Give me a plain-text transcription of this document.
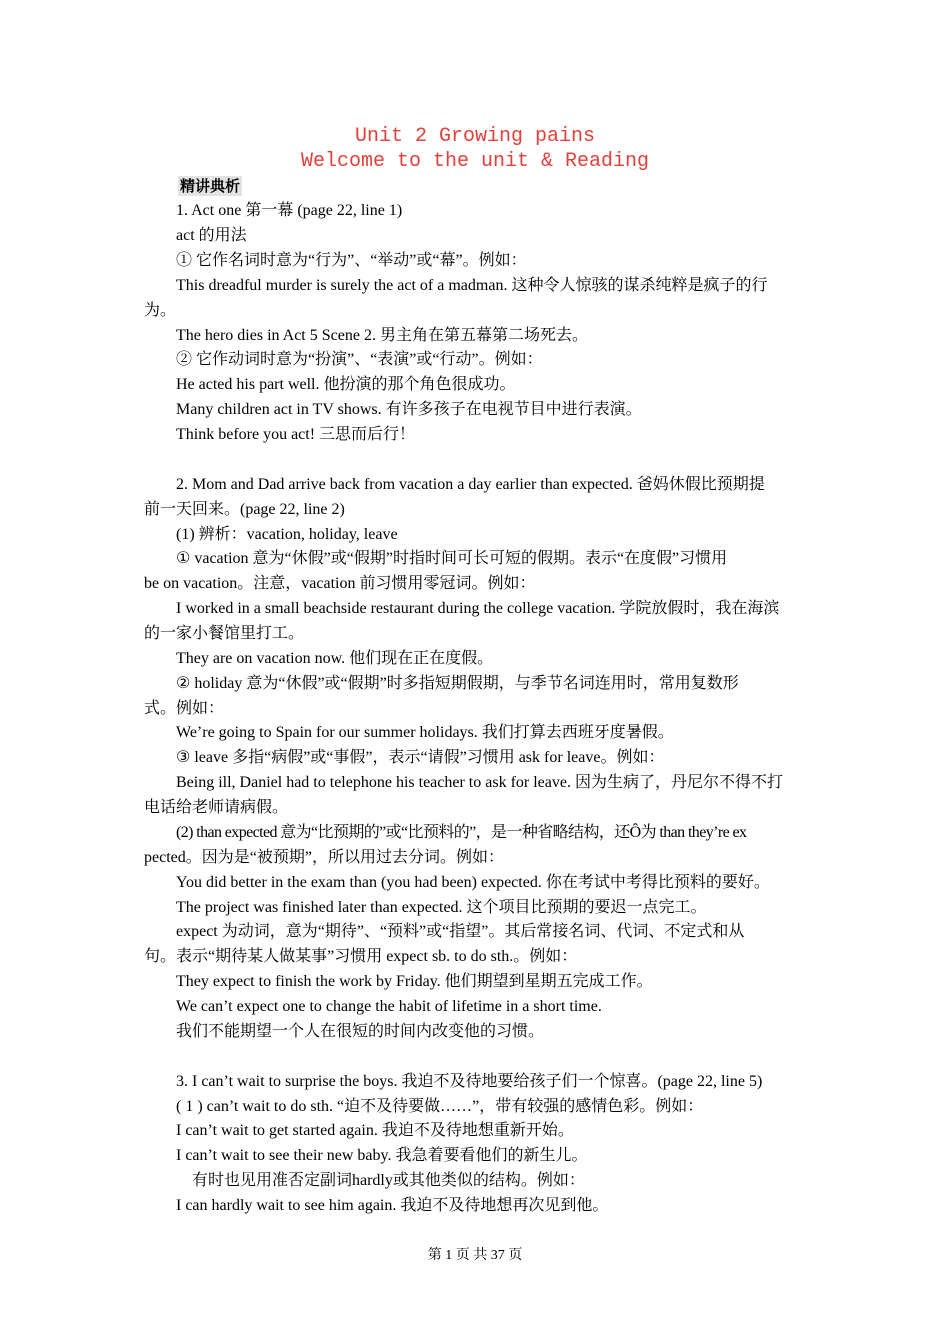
Unit 2 Growing pains
Welcome to the unit & Reading
精讲典析
1. Act one 第一幕 (page 22, line 1)
act 的用法
① 它作名词时意为“行为”、“举动”或“幕”。例如：
This dreadful murder is surely the act of a madman. 这种令人惊骇的谋杀纯粹是疯子的行
为。
The hero dies in Act 5 Scene 2. 男主角在第五幕第二场死去。
② 它作动词时意为“扮演”、“表演”或“行动”。例如：
He acted his part well. 他扮演的那个角色很成功。
Many children act in TV shows. 有许多孩子在电视节目中进行表演。
Think before you act! 三思而后行！
2. Mom and Dad arrive back from vacation a day earlier than expected. 爸妈休假比预期提
前一天回来。(page 22, line 2)
(1) 辨析：vacation, holiday, leave
① vacation 意为“休假”或“假期”时指时间可长可短的假期。表示“在度假”习惯用
be on vacation。注意，vacation 前习惯用零冠词。例如：
I worked in a small beachside restaurant during the college vacation. 学院放假时，我在海滨
的一家小餐馆里打工。
They are on vacation now. 他们现在正在度假。
② holiday 意为“休假”或“假期”时多指短期假期，与季节名词连用时，常用复数形
式。例如：
We’re going to Spain for our summer holidays. 我们打算去西班牙度暑假。
③ leave 多指“病假”或“事假”，表示“请假”习惯用 ask for leave。例如：
Being ill, Daniel had to telephone his teacher to ask for leave. 因为生病了，丹尼尔不得不打
电话给老师请病假。
(2) than expected 意为“比预期的”或“比预料的”，是一种省略结构，还Ô为 than they’re ex
pected。因为是“被预期”，所以用过去分词。例如：
You did better in the exam than (you had been) expected. 你在考试中考得比预料的要好。
The project was finished later than expected. 这个项目比预期的要迟一点完工。
expect 为动词，意为“期待”、“预料”或“指望”。其后常接名词、代词、不定式和从
句。表示“期待某人做某事”习惯用 expect sb. to do sth.。例如：
They expect to finish the work by Friday. 他们期望到星期五完成工作。
We can’t expect one to change the habit of lifetime in a short time.
我们不能期望一个人在很短的时间内改变他的习惯。
3. I can’t wait to surprise the boys. 我迫不及待地要给孩子们一个惊喜。(page 22, line 5)
( 1 ) can’t wait to do sth. “迫不及待要做……”，带有较强的感情色彩。例如：
I can’t wait to get started again. 我迫不及待地想重新开始。
I can’t wait to see their new baby. 我急着要看他们的新生儿。
有时也见用准否定副词hardly或其他类似的结构。例如：
I can hardly wait to see him again. 我迫不及待地想再次见到他。
第 1 页 共 37 页
